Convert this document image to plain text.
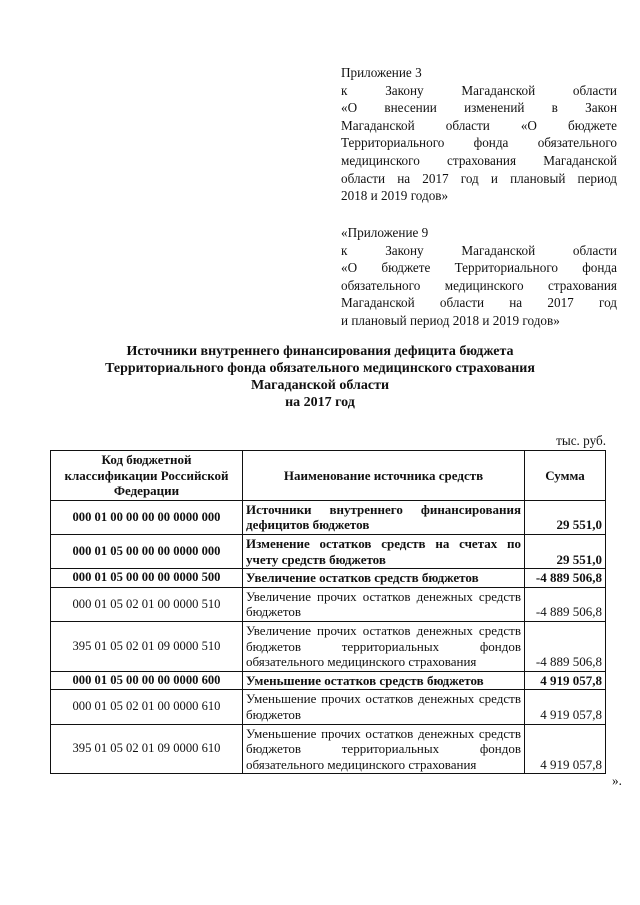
Приложение 3

к Закону Магаданской области

«О внесении изменений в Закон

Магаданской области «О бюджете

Территориального фонда обязательного

медицинского страхования Магаданской

области на 2017 год и плановый период

2018 и 2019 годов»

«Приложение 9

к Закону Магаданской области

«О бюджете Территориального фонда

обязательного медицинского страхования

Магаданской области на 2017 год

и плановый период 2018 и 2019 годов»

Источники внутреннего финансирования дефицита бюджета
Территориального фонда обязательного медицинского страхования
Магаданской области
на 2017 год
тыс. руб.
Код бюджетной классификации Российской Федерации	Наименование источника средств	Сумма
000 01 00 00 00 00 0000 000	Источники внутреннего финансирования дефицитов бюджетов	29 551,0
000 01 05 00 00 00 0000 000	Изменение остатков средств на счетах по учету средств бюджетов	29 551,0
000 01 05 00 00 00 0000 500	Увеличение остатков средств бюджетов	-4 889 506,8
000 01 05 02 01 00 0000 510	Увеличение прочих остатков денежных средств бюджетов	-4 889 506,8
395 01 05 02 01 09 0000 510	Увеличение прочих остатков денежных средств бюджетов территориальных фондов обязательного медицинского страхования	-4 889 506,8
000 01 05 00 00 00 0000 600	Уменьшение остатков средств бюджетов	4 919 057,8
000 01 05 02 01 00 0000 610	Уменьшение прочих остатков денежных средств бюджетов	4 919 057,8
395 01 05 02 01 09 0000 610	Уменьшение прочих остатков денежных средств бюджетов территориальных фондов обязательного медицинского страхования	4 919 057,8
».
